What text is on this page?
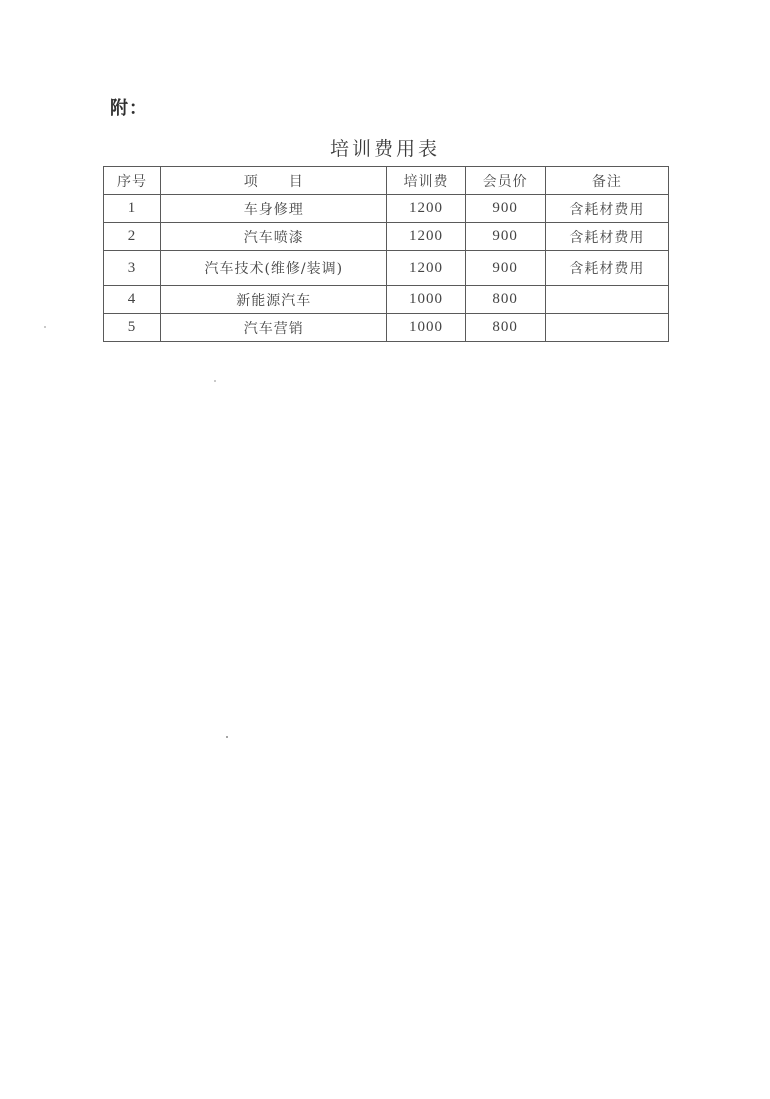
附：
培训费用表
序号	项　　目	培训费	会员价	备注
1	车身修理	1200	900	含耗材费用
2	汽车喷漆	1200	900	含耗材费用
3	汽车技术(维修/装调)	1200	900	含耗材费用
4	新能源汽车	1000	800	
5	汽车营销	1000	800	
